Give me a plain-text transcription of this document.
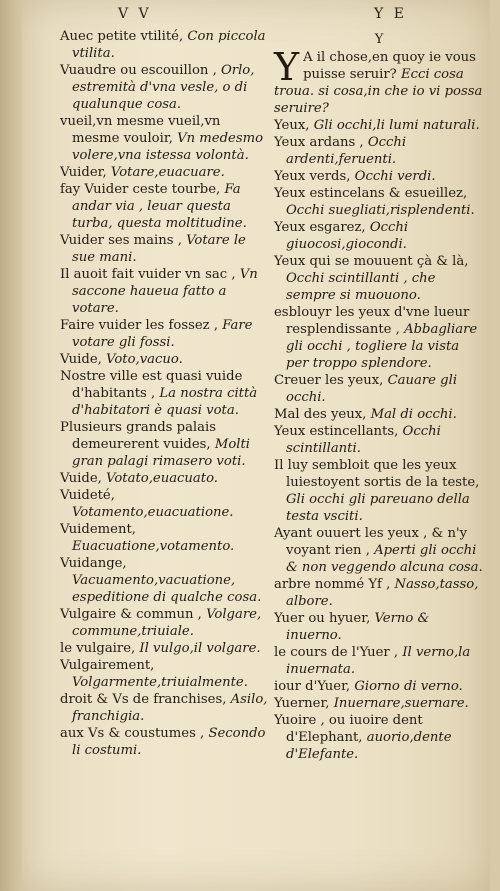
V V	Y E

Auec petite vtilité, Con piccola vtilita.

Vuaudre ou escouillon , Orlo, estremità d'vna vesle, o di qualunque cosa.

vueil,vn mesme vueil,vn mesme vouloir, Vn medesmo volere,vna istessa volontà.

Vuider, Votare,euacuare.

fay Vuider ceste tourbe, Fa andar via , leuar questa turba, questa moltitudine.

Vuider ses mains , Votare le sue mani.

Il auoit fait vuider vn sac , Vn saccone haueua fatto a votare.

Faire vuider les fossez , Fare votare gli fossi.

Vuide, Voto,vacuo.

Nostre ville est quasi vuide d'habitants , La nostra città d'habitatori è quasi vota.

Plusieurs grands palais demeurerent vuides, Molti gran palagi rimasero voti.

Vuide, Votato,euacuato.

Vuideté, Votamento,euacuatione.

Vuidement, Euacuatione,votamento.

Vuidange, Vacuamento,vacuatione, espeditione di qualche cosa.

Vulgaire & commun , Volgare, commune,triuiale.

le vulgaire, Il vulgo,il volgare.

Vulgairement, Volgarmente,triuialmente.

droit & Vs de franchises, Asilo, franchigia.

aux Vs & coustumes , Secondo li costumi.

Y

Y A il chose,en quoy ie vous puisse seruir? Ecci cosa troua. si cosa,in che io vi possa seruire?

Yeux, Gli occhi,li lumi naturali.

Yeux ardans , Occhi ardenti,feruenti.

Yeux verds, Occhi verdi.

Yeux estincelans & esueillez, Occhi suegliati,risplendenti.

Yeux esgarez, Occhi giuocosi,giocondi.

Yeux qui se mouuent çà & là, Occhi scintillanti , che sempre si muouono.

esblouyr les yeux d'vne lueur resplendissante , Abbagliare gli occhi , togliere la vista per troppo splendore.

Creuer les yeux, Cauare gli occhi.

Mal des yeux, Mal di occhi.

Yeux estincellants, Occhi scintillanti.

Il luy sembloit que les yeux luiestoyent sortis de la teste, Gli occhi gli pareuano della testa vsciti.

Ayant ouuert les yeux , & n'y voyant rien , Aperti gli occhi & non veggendo alcuna cosa.

arbre nommé Yf , Nasso,tasso, albore.

Yuer ou hyuer, Verno & inuerno.

le cours de l'Yuer , Il verno,la inuernata.

iour d'Yuer, Giorno di verno.

Yuerner, Inuernare,suernare.

Yuoire , ou iuoire dent d'Elephant, auorio,dente d'Elefante.
